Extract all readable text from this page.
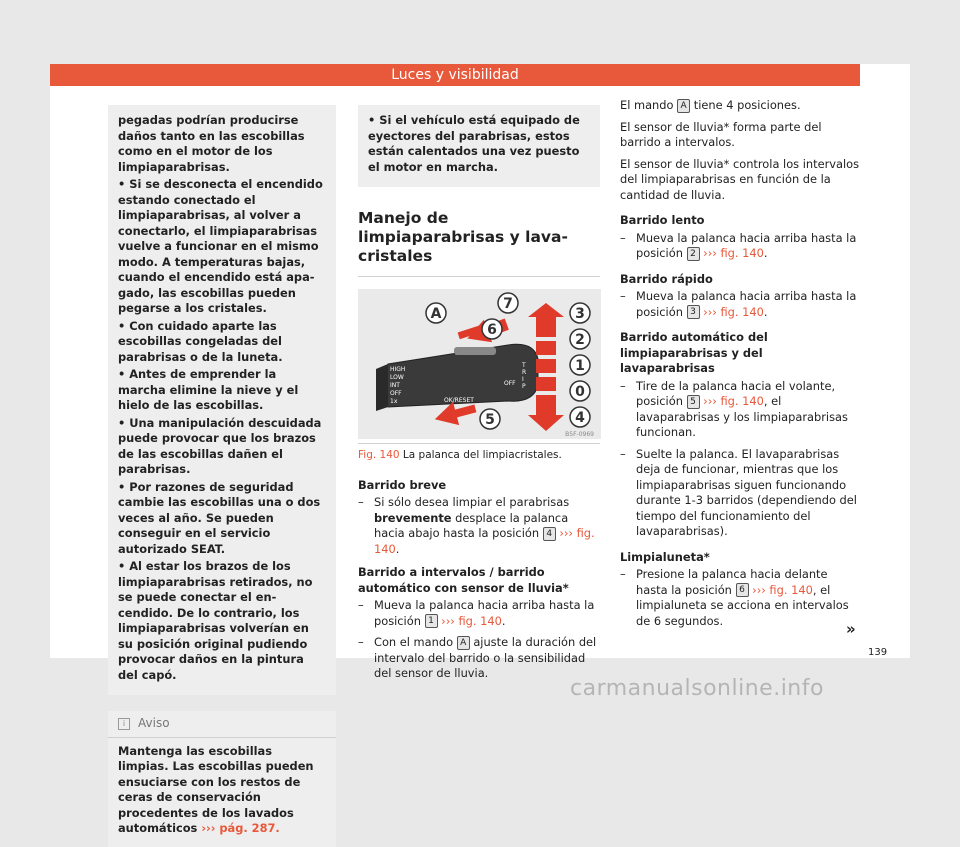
Luces y visibilidad

pegadas podrían producirse daños tanto en las escobillas como en el motor de los limpiaparabrisas.

• Si se desconecta el encendido estando conectado el limpiaparabrisas, al volver a conectarlo, el limpiaparabrisas vuelve a funcionar en el mismo modo. A temperaturas bajas, cuando el encendido está apagado, las escobillas pueden pegarse a los cristales.

• Con cuidado aparte las escobillas congeladas del parabrisas o de la luneta.

• Antes de emprender la marcha elimine la nieve y el hielo de las escobillas.

• Una manipulación descuidada puede provocar que los brazos de las escobillas dañen el parabrisas.

• Por razones de seguridad cambie las escobillas una o dos veces al año. Se pueden conseguir en el servicio autorizado SEAT.

• Al estar los brazos de los limpiaparabrisas retirados, no se puede conectar el encendido. De lo contrario, los limpiaparabrisas volverían en su posición original pudiendo provocar daños en la pintura del capó.

i	Aviso
Mantenga las escobillas limpias. Las escobillas pueden ensuciarse con los restos de ceras de conservación procedentes de los lavados automáticos ››› pág. 287.

• Si el vehículo está equipado de eyectores del parabrisas, estos están calentados una vez puesto el motor en marcha.

Manejo de limpiaparabrisas y lavacristales
A
7
6
3
2
1
0
4
5
HIGH
LOW
INT
OFF
1x	OK/RESET
OFF
T
R
I
P
B5F-0969
Fig. 140 La palanca del limpiacristales.
Barrido breve
– Si sólo desea limpiar el parabrisas brevemente desplace la palanca hacia abajo hasta la posición 4 ››› fig. 140.
Barrido a intervalos / barrido automático con sensor de lluvia*
– Mueva la palanca hacia arriba hasta la posición 1 ››› fig. 140.
– Con el mando A ajuste la duración del intervalo del barrido o la sensibilidad del sensor de lluvia.

El mando A tiene 4 posiciones.

El sensor de lluvia* forma parte del barrido a intervalos.

El sensor de lluvia* controla los intervalos del limpiaparabrisas en función de la cantidad de lluvia.

Barrido lento
– Mueva la palanca hacia arriba hasta la posición 2 ››› fig. 140.
Barrido rápido
– Mueva la palanca hacia arriba hasta la posición 3 ››› fig. 140.
Barrido automático del limpiaparabrisas y del lavaparabrisas
– Tire de la palanca hacia el volante, posición 5 ››› fig. 140, el lavaparabrisas y los limpiaparabrisas funcionan.
– Suelte la palanca. El lavaparabrisas deja de funcionar, mientras que los limpiaparabrisas siguen funcionando durante 1-3 barridos (dependiendo del tiempo del funcionamiento del lavaparabrisas).
Limpialuneta*
– Presione la palanca hacia delante hasta la posición 6 ››› fig. 140, el limpialuneta se acciona en intervalos de 6 segundos.	»
139
carmanualsonline.info
